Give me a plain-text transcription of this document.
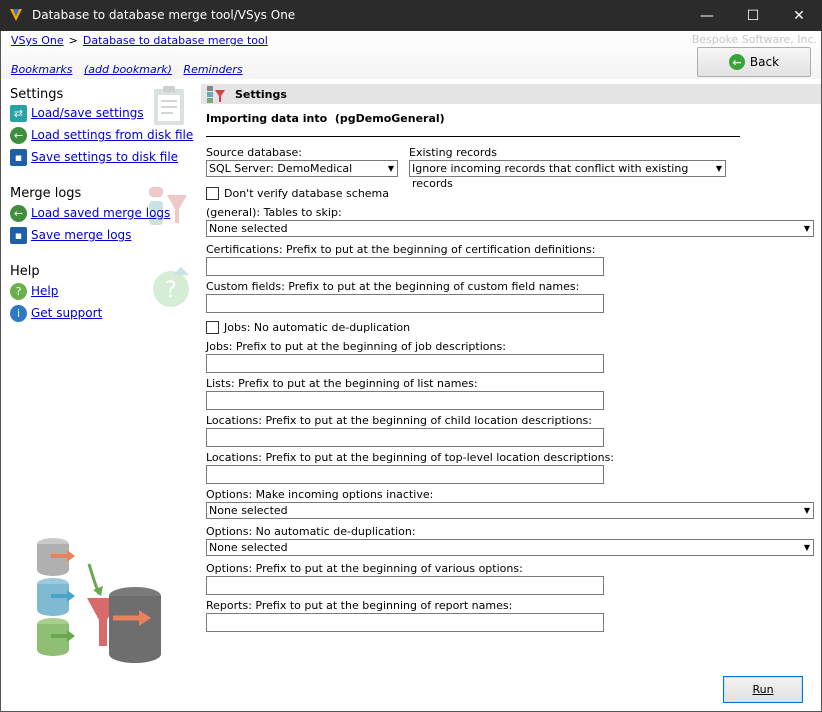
Database to database merge tool/VSys One	— ☐ ✕
VSys One > Database to database merge tool	Bespoke Software, Inc.
Bookmarks (add bookmark) Reminders
← Back
Settings
⇄ Load/save settings
← Load settings from disk file
▪ Save settings to disk file
Merge logs
← Load saved merge logs
▪ Save merge logs
?
Help
? Help
i Get support
Settings
Importing data into (pgDemoGeneral)
Source database:
SQL Server: DemoMedical	▼
Existing records
Ignore incoming records that conflict with existing records
▼
Don't verify database schema
(general): Tables to skip:
None selected	▼
Certifications: Prefix to put at the beginning of certification definitions:
Custom fields: Prefix to put at the beginning of custom field names:
Jobs: No automatic de-duplication
Jobs: Prefix to put at the beginning of job descriptions:
Lists: Prefix to put at the beginning of list names:
Locations: Prefix to put at the beginning of child location descriptions:
Locations: Prefix to put at the beginning of top-level location descriptions:
Options: Make incoming options inactive:
None selected	▼
Options: No automatic de-duplication:
None selected	▼
Options: Prefix to put at the beginning of various options:
Reports: Prefix to put at the beginning of report names:
Run
